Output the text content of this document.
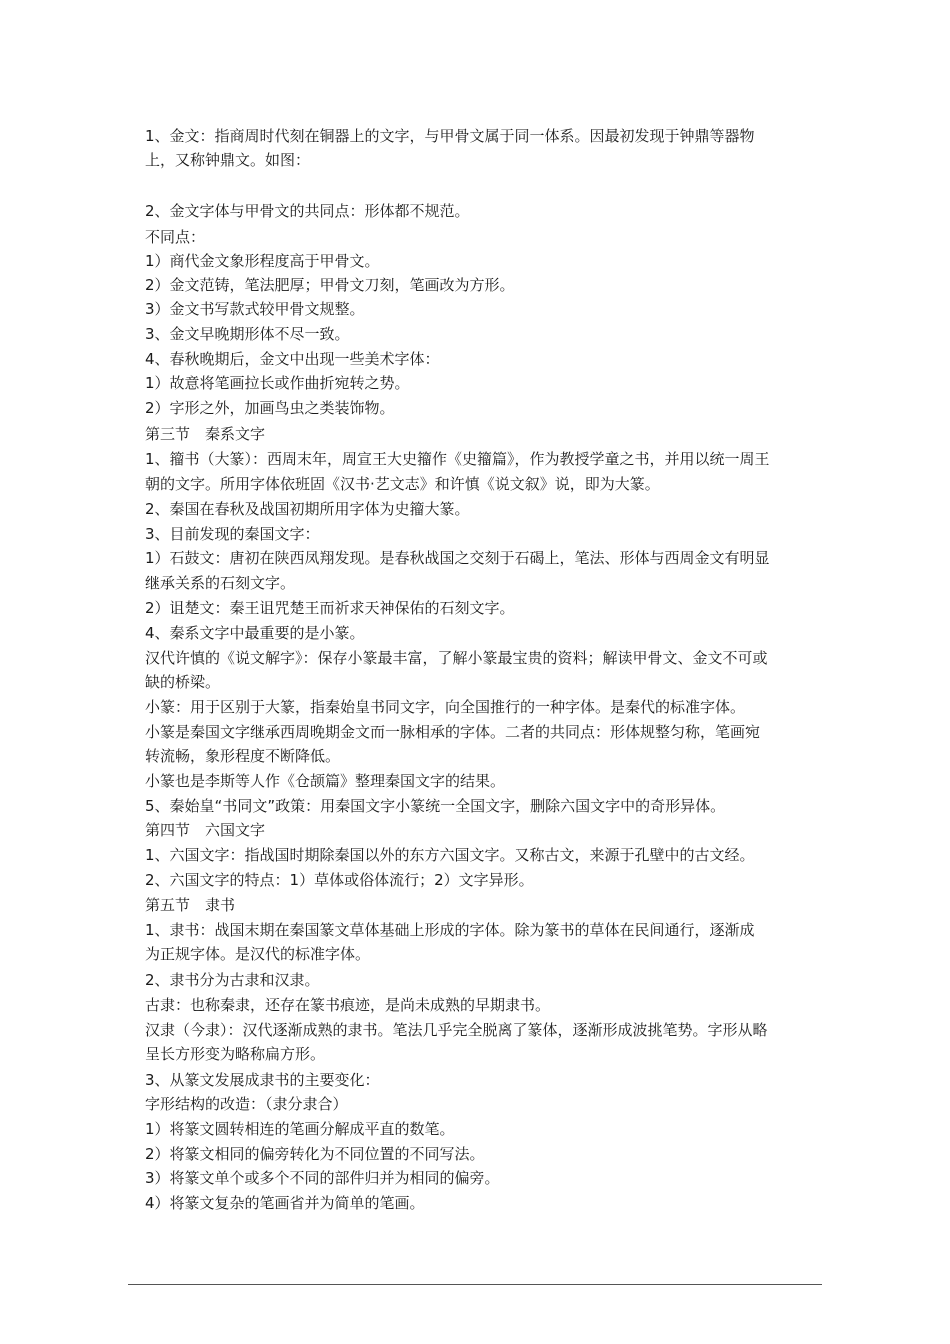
1、金文：指商周时代刻在铜器上的文字，与甲骨文属于同一体系。因最初发现于钟鼎等器物
上，又称钟鼎文。如图：
2、金文字体与甲骨文的共同点：形体都不规范。
不同点：
1）商代金文象形程度高于甲骨文。
2）金文范铸，笔法肥厚；甲骨文刀刻，笔画改为方形。
3）金文书写款式较甲骨文规整。
3、金文早晚期形体不尽一致。
4、春秋晚期后，金文中出现一些美术字体：
1）故意将笔画拉长或作曲折宛转之势。
2）字形之外，加画鸟虫之类装饰物。
第三节　秦系文字
1、籀书（大篆）：西周末年，周宣王大史籀作《史籀篇》，作为教授学童之书，并用以统一周王
朝的文字。所用字体依班固《汉书·艺文志》和许慎《说文叙》说，即为大篆。
2、秦国在春秋及战国初期所用字体为史籀大篆。
3、目前发现的秦国文字：
1）石鼓文：唐初在陕西凤翔发现。是春秋战国之交刻于石碣上，笔法、形体与西周金文有明显
继承关系的石刻文字。
2）诅楚文：秦王诅咒楚王而祈求天神保佑的石刻文字。
4、秦系文字中最重要的是小篆。
汉代许慎的《说文解字》：保存小篆最丰富，了解小篆最宝贵的资料；解读甲骨文、金文不可或
缺的桥梁。
小篆：用于区别于大篆，指秦始皇书同文字，向全国推行的一种字体。是秦代的标准字体。
小篆是秦国文字继承西周晚期金文而一脉相承的字体。二者的共同点：形体规整匀称，笔画宛
转流畅，象形程度不断降低。
小篆也是李斯等人作《仓颉篇》整理秦国文字的结果。
5、秦始皇“书同文”政策：用秦国文字小篆统一全国文字，删除六国文字中的奇形异体。
第四节　六国文字
1、六国文字：指战国时期除秦国以外的东方六国文字。又称古文，来源于孔壁中的古文经。
2、六国文字的特点：1）草体或俗体流行；2）文字异形。
第五节　隶书
1、隶书：战国末期在秦国篆文草体基础上形成的字体。除为篆书的草体在民间通行，逐渐成
为正规字体。是汉代的标准字体。
2、隶书分为古隶和汉隶。
古隶：也称秦隶，还存在篆书痕迹，是尚未成熟的早期隶书。
汉隶（今隶）：汉代逐渐成熟的隶书。笔法几乎完全脱离了篆体，逐渐形成波挑笔势。字形从略
呈长方形变为略称扁方形。
3、从篆文发展成隶书的主要变化：
字形结构的改造：（隶分隶合）
1）将篆文圆转相连的笔画分解成平直的数笔。
2）将篆文相同的偏旁转化为不同位置的不同写法。
3）将篆文单个或多个不同的部件归并为相同的偏旁。
4）将篆文复杂的笔画省并为简单的笔画。
